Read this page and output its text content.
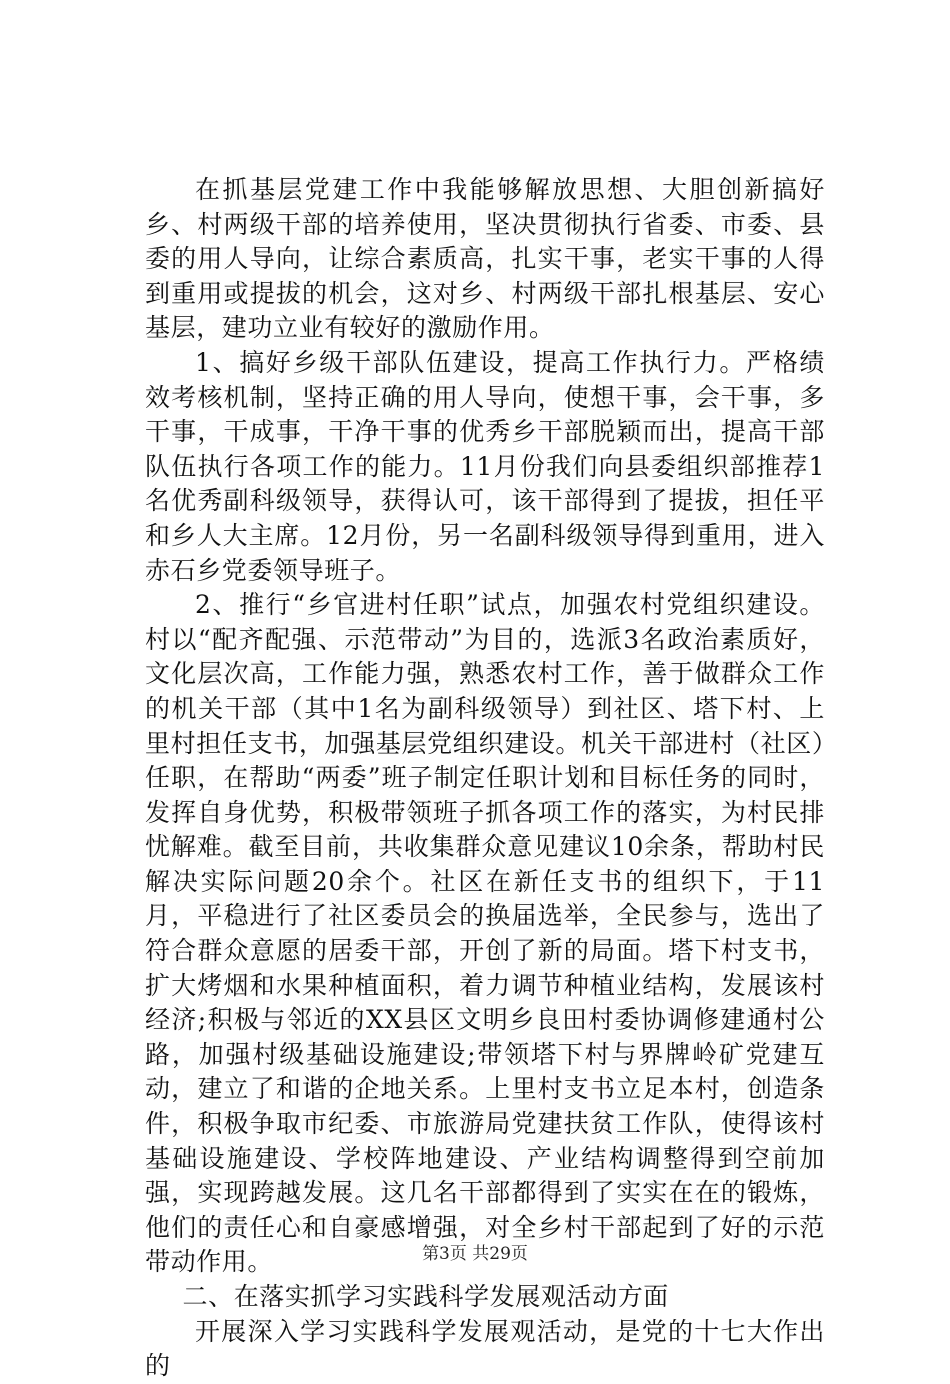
在抓基层党建工作中我能够解放思想、大胆创新搞好乡、村两级干部的培养使用，坚决贯彻执行省委、市委、县委的用人导向，让综合素质高，扎实干事，老实干事的人得到重用或提拔的机会，这对乡、村两级干部扎根基层、安心基层，建功立业有较好的激励作用。

1、搞好乡级干部队伍建设，提高工作执行力。严格绩效考核机制，坚持正确的用人导向，使想干事，会干事，多干事，干成事，干净干事的优秀乡干部脱颖而出，提高干部队伍执行各项工作的能力。11月份我们向县委组织部推荐1名优秀副科级领导，获得认可，该干部得到了提拔，担任平和乡人大主席。12月份，另一名副科级领导得到重用，进入赤石乡党委领导班子。

2、推行“乡官进村任职”试点，加强农村党组织建设。村以“配齐配强、示范带动”为目的，选派3名政治素质好，文化层次高，工作能力强，熟悉农村工作，善于做群众工作的机关干部（其中1名为副科级领导）到社区、塔下村、上里村担任支书，加强基层党组织建设。机关干部进村（社区）任职，在帮助“两委”班子制定任职计划和目标任务的同时，发挥自身优势，积极带领班子抓各项工作的落实，为村民排忧解难。截至目前，共收集群众意见建议10余条，帮助村民解决实际问题20余个。社区在新任支书的组织下，于11月，平稳进行了社区委员会的换届选举，全民参与，选出了符合群众意愿的居委干部，开创了新的局面。塔下村支书，扩大烤烟和水果种植面积，着力调节种植业结构，发展该村经济;积极与邻近的XX县区文明乡良田村委协调修建通村公路，加强村级基础设施建设;带领塔下村与界牌岭矿党建互动，建立了和谐的企地关系。上里村支书立足本村，创造条件，积极争取市纪委、市旅游局党建扶贫工作队，使得该村基础设施建设、学校阵地建设、产业结构调整得到空前加强，实现跨越发展。这几名干部都得到了实实在在的锻炼，他们的责任心和自豪感增强，对全乡村干部起到了好的示范带动作用。

二、在落实抓学习实践科学发展观活动方面

开展深入学习实践科学发展观活动，是党的十七大作出的

第3页 共29页
